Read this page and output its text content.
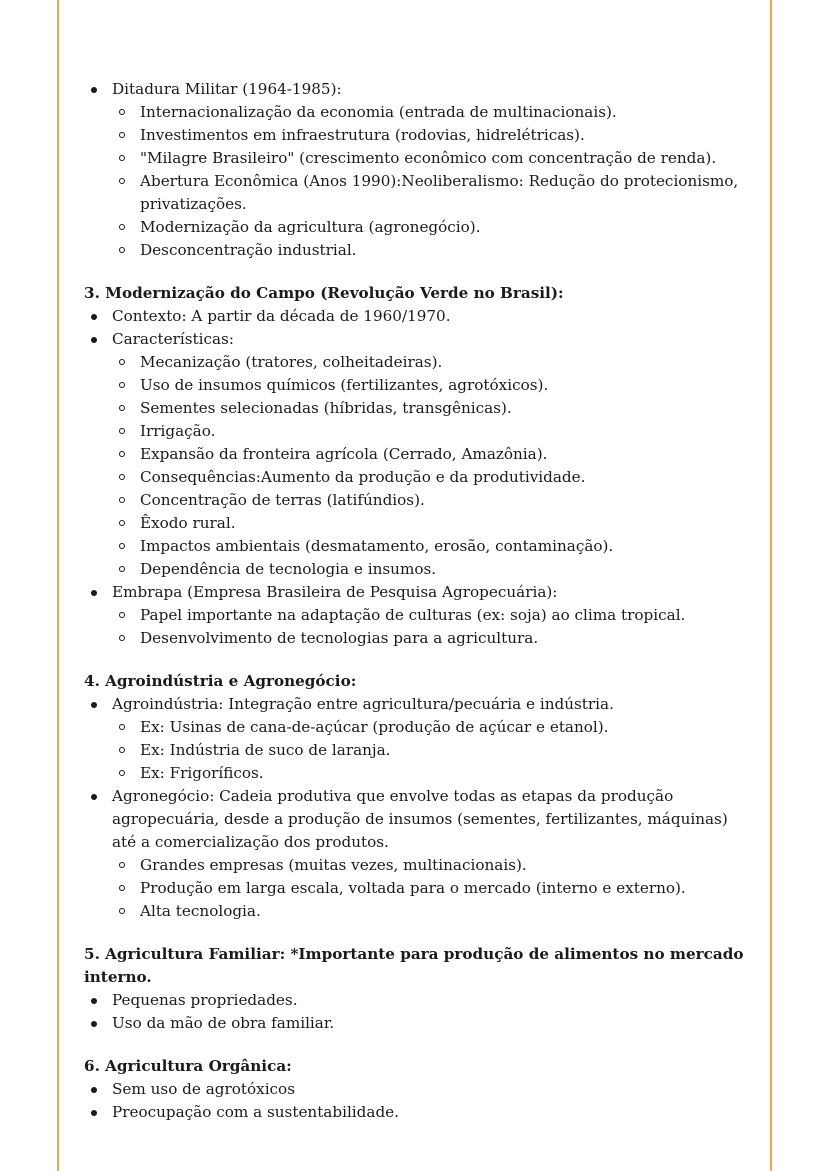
Ditadura Militar (1964-1985):
Internacionalização da economia (entrada de multinacionais).
Investimentos em infraestrutura (rodovias, hidrelétricas).
"Milagre Brasileiro" (crescimento econômico com concentração de renda).
Abertura Econômica (Anos 1990):Neoliberalismo: Redução do protecionismo, privatizações.
Modernização da agricultura (agronegócio).
Desconcentração industrial.
3. Modernização do Campo (Revolução Verde no Brasil):
Contexto: A partir da década de 1960/1970.
Características:
Mecanização (tratores, colheitadeiras).
Uso de insumos químicos (fertilizantes, agrotóxicos).
Sementes selecionadas (híbridas, transgênicas).
Irrigação.
Expansão da fronteira agrícola (Cerrado, Amazônia).
Consequências:Aumento da produção e da produtividade.
Concentração de terras (latifúndios).
Êxodo rural.
Impactos ambientais (desmatamento, erosão, contaminação).
Dependência de tecnologia e insumos.
Embrapa (Empresa Brasileira de Pesquisa Agropecuária):
Papel importante na adaptação de culturas (ex: soja) ao clima tropical.
Desenvolvimento de tecnologias para a agricultura.
4. Agroindústria e Agronegócio:
Agroindústria: Integração entre agricultura/pecuária e indústria.
Ex: Usinas de cana-de-açúcar (produção de açúcar e etanol).
Ex: Indústria de suco de laranja.
Ex: Frigoríficos.
Agronegócio: Cadeia produtiva que envolve todas as etapas da produção agropecuária, desde a produção de insumos (sementes, fertilizantes, máquinas) até a comercialização dos produtos.
Grandes empresas (muitas vezes, multinacionais).
Produção em larga escala, voltada para o mercado (interno e externo).
Alta tecnologia.
5. Agricultura Familiar: *Importante para produção de alimentos no mercado interno.
Pequenas propriedades.
Uso da mão de obra familiar.
6. Agricultura Orgânica:
Sem uso de agrotóxicos
Preocupação com a sustentabilidade.
